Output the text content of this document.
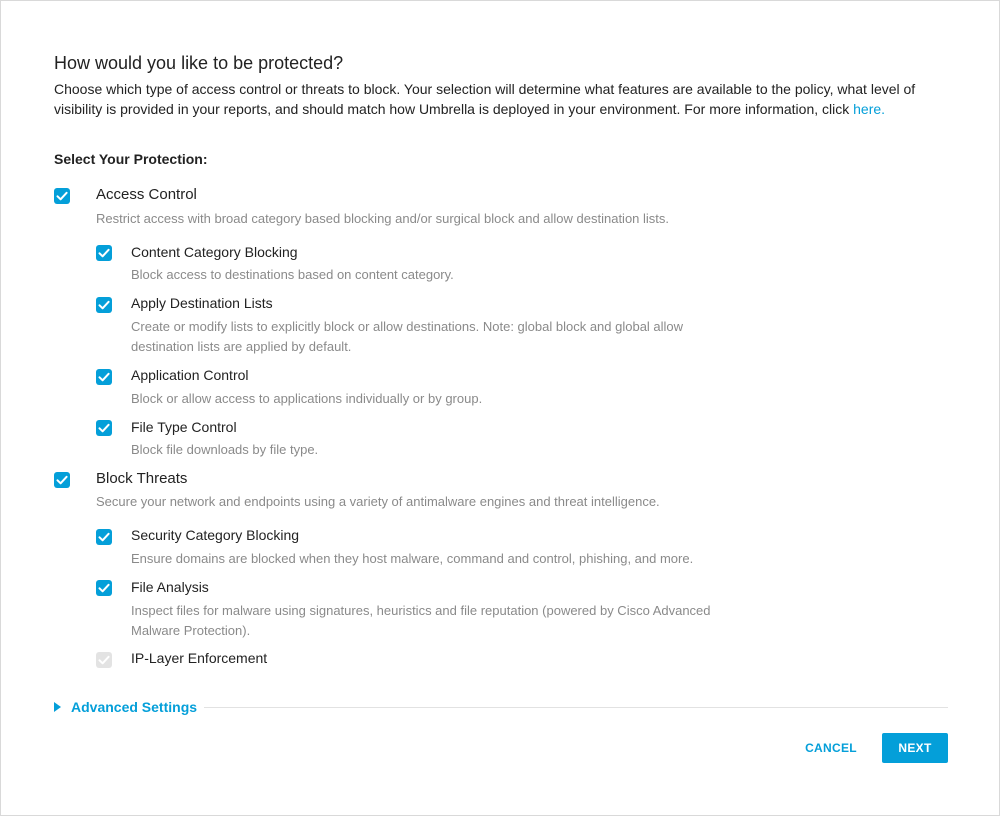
How would you like to be protected?
Choose which type of access control or threats to block. Your selection will determine what features are available to the policy, what level of visibility is provided in your reports, and should match how Umbrella is deployed in your environment. For more information, click here.
Select Your Protection:
Access Control
Restrict access with broad category based blocking and/or surgical block and allow destination lists.
Content Category Blocking
Block access to destinations based on content category.
Apply Destination Lists
Create or modify lists to explicitly block or allow destinations. Note: global block and global allow
destination lists are applied by default.
Application Control
Block or allow access to applications individually or by group.
File Type Control
Block file downloads by file type.
Block Threats
Secure your network and endpoints using a variety of antimalware engines and threat intelligence.
Security Category Blocking
Ensure domains are blocked when they host malware, command and control, phishing, and more.
File Analysis
Inspect files for malware using signatures, heuristics and file reputation (powered by Cisco Advanced
Malware Protection).
IP-Layer Enforcement
Advanced Settings
CANCEL	NEXT
